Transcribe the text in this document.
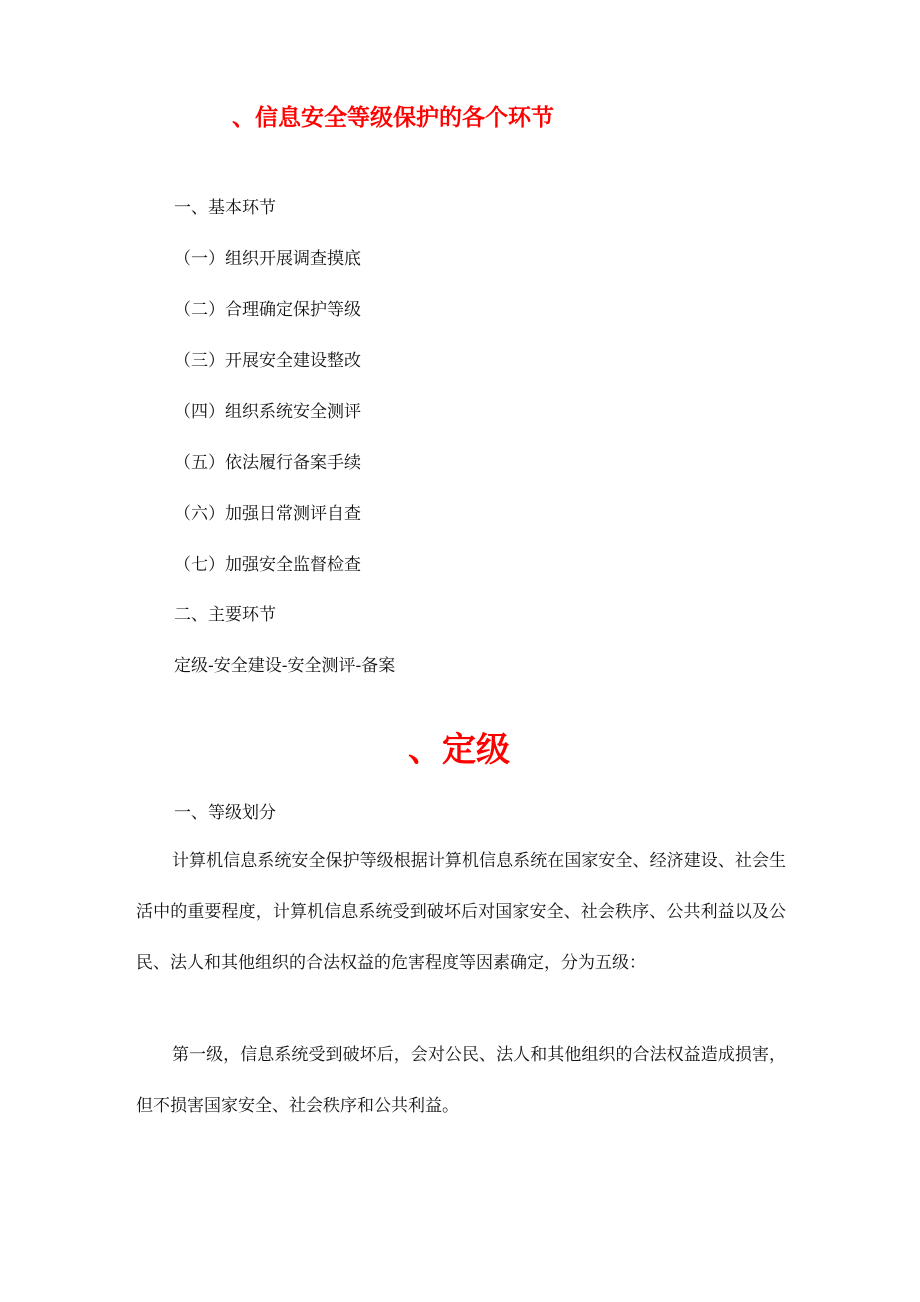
、信息安全等级保护的各个环节

一、基本环节

（一）组织开展调查摸底

（二）合理确定保护等级

（三）开展安全建设整改

（四）组织系统安全测评

（五）依法履行备案手续

（六）加强日常测评自查

（七）加强安全监督检查

二、主要环节

定级-安全建设-安全测评-备案

、定级

一、等级划分

计算机信息系统安全保护等级根据计算机信息系统在国家安全、经济建设、社会生活中的重要程度，计算机信息系统受到破坏后对国家安全、社会秩序、公共利益以及公民、法人和其他组织的合法权益的危害程度等因素确定，分为五级：

第一级，信息系统受到破坏后，会对公民、法人和其他组织的合法权益造成损害，但不损害国家安全、社会秩序和公共利益。
